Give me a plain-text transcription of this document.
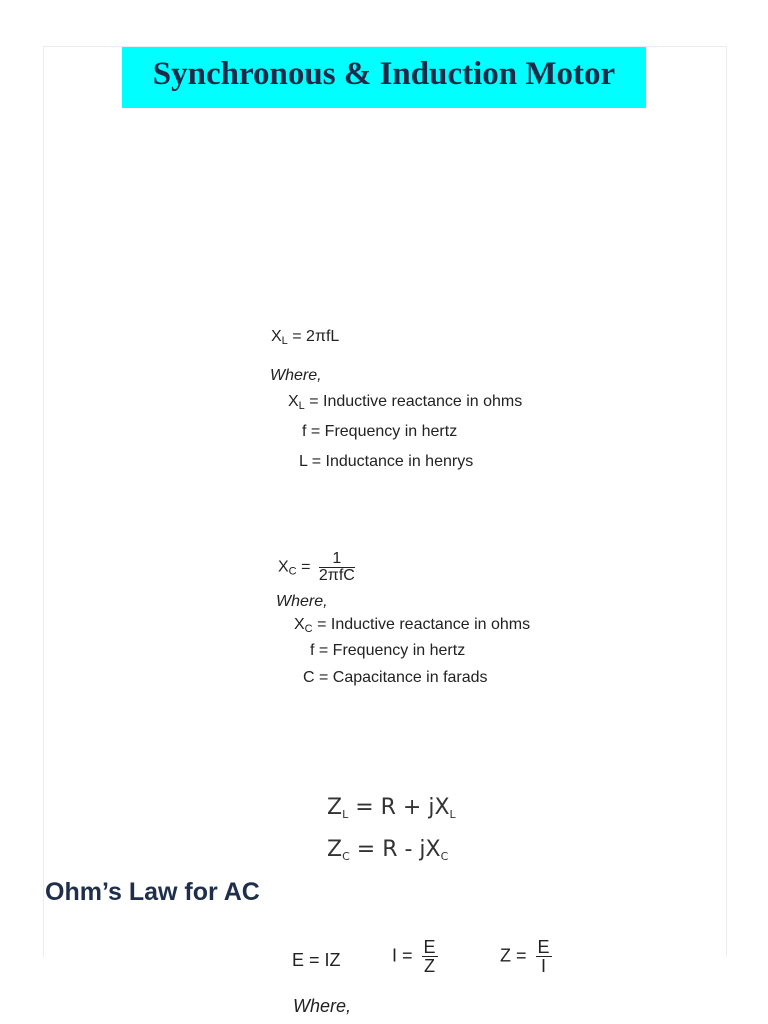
Synchronous & Induction Motor
$X_L = 2\pi fL$
Where,
$X_L$ = Inductive reactance in ohms
f = Frequency in hertz
L = Inductance in henrys
$X_C = \frac{1}{\text{2πfC}}$
Where,
$X_C$ = Inductive reactance in ohms
f = Frequency in hertz
C = Capacitance in farads
$Z_L = R + jX_L$
$Z_C = R - jX_C$
Ohm’s Law for AC
E = IZ	$I = \frac{E}{Z}$	$Z = \frac{E}{I}$
Where,
